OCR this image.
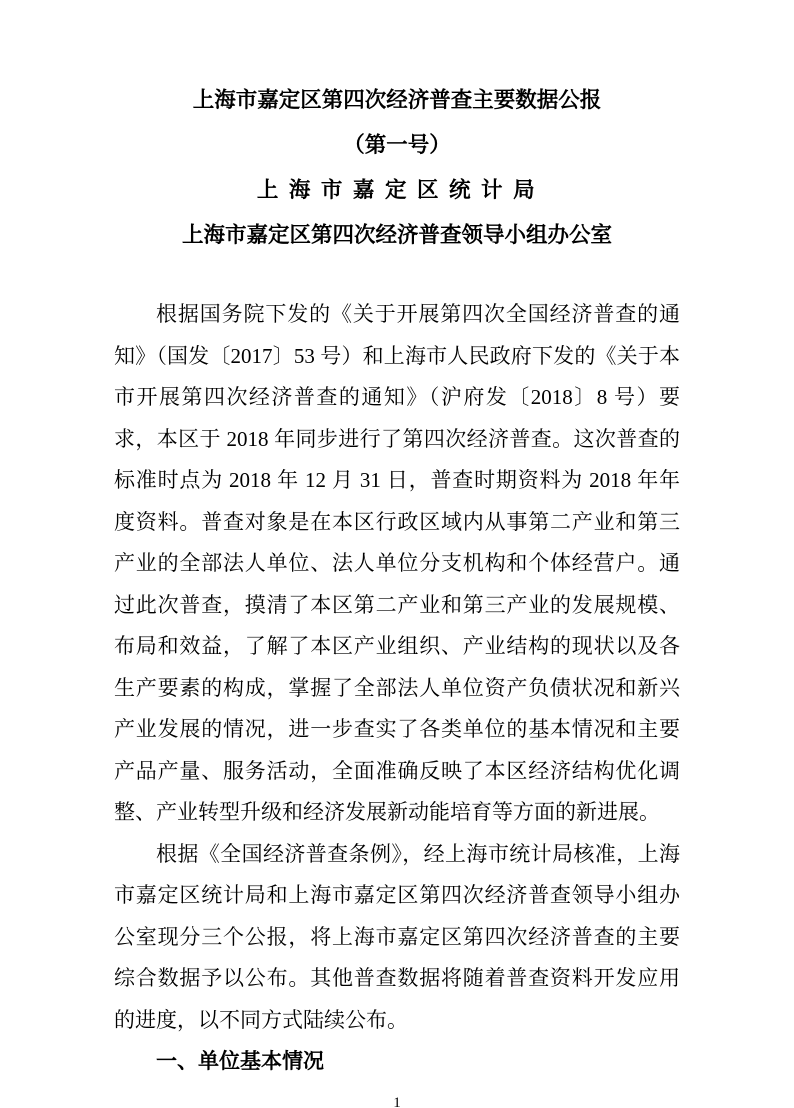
上海市嘉定区第四次经济普查主要数据公报
（第一号）
上 海 市 嘉 定 区 统 计 局
上海市嘉定区第四次经济普查领导小组办公室

根据国务院下发的《关于开展第四次全国经济普查的通知》（国发〔2017〕53 号）和上海市人民政府下发的《关于本市开展第四次经济普查的通知》（沪府发〔2018〕8 号）要求，本区于 2018 年同步进行了第四次经济普查。这次普查的标准时点为 2018 年 12 月 31 日，普查时期资料为 2018 年年度资料。普查对象是在本区行政区域内从事第二产业和第三产业的全部法人单位、法人单位分支机构和个体经营户。通过此次普查，摸清了本区第二产业和第三产业的发展规模、布局和效益，了解了本区产业组织、产业结构的现状以及各生产要素的构成，掌握了全部法人单位资产负债状况和新兴产业发展的情况，进一步查实了各类单位的基本情况和主要产品产量、服务活动，全面准确反映了本区经济结构优化调整、产业转型升级和经济发展新动能培育等方面的新进展。

根据《全国经济普查条例》，经上海市统计局核准，上海市嘉定区统计局和上海市嘉定区第四次经济普查领导小组办公室现分三个公报，将上海市嘉定区第四次经济普查的主要综合数据予以公布。其他普查数据将随着普查资料开发应用的进度，以不同方式陆续公布。

一、单位基本情况
1
